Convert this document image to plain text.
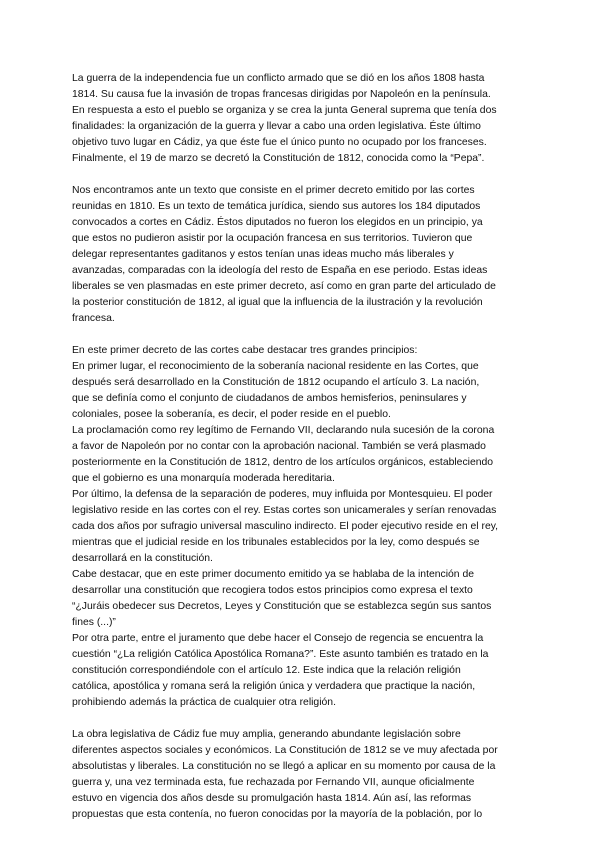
La guerra de la independencia fue un conflicto armado que se dió en los años 1808 hasta
1814. Su causa fue la invasión de tropas francesas dirigidas por Napoleón en la península.
En respuesta a esto el pueblo se organiza y se crea la junta General suprema que tenía dos
finalidades: la organización de la guerra y llevar a cabo una orden legislativa. Éste último
objetivo tuvo lugar en Cádiz, ya que éste fue el único punto no ocupado por los franceses.
Finalmente, el 19 de marzo se decretó la Constitución de 1812, conocida como la “Pepa”.

Nos encontramos ante un texto que consiste en el primer decreto emitido por las cortes
reunidas en 1810. Es un texto de temática jurídica, siendo sus autores los 184 diputados
convocados a cortes en Cádiz. Éstos diputados no fueron los elegidos en un principio, ya
que estos no pudieron asistir por la ocupación francesa en sus territorios. Tuvieron que
delegar representantes gaditanos y estos tenían unas ideas mucho más liberales y
avanzadas, comparadas con la ideología del resto de España en ese periodo. Estas ideas
liberales se ven plasmadas en este primer decreto, así como en gran parte del articulado de
la posterior constitución de 1812, al igual que la influencia de la ilustración y la revolución
francesa.

En este primer decreto de las cortes cabe destacar tres grandes principios:
En primer lugar, el reconocimiento de la soberanía nacional residente en las Cortes, que
después será desarrollado en la Constitución de 1812 ocupando el artículo 3. La nación,
que se definía como el conjunto de ciudadanos de ambos hemisferios, peninsulares y
coloniales, posee la soberanía, es decir, el poder reside en el pueblo.
La proclamación como rey legítimo de Fernando VII, declarando nula sucesión de la corona
a favor de Napoleón por no contar con la aprobación nacional. También se verá plasmado
posteriormente en la Constitución de 1812, dentro de los artículos orgánicos, estableciendo
que el gobierno es una monarquía moderada hereditaria.
Por último, la defensa de la separación de poderes, muy influida por Montesquieu. El poder
legislativo reside en las cortes con el rey. Estas cortes son unicamerales y serían renovadas
cada dos años por sufragio universal masculino indirecto. El poder ejecutivo reside en el rey,
mientras que el judicial reside en los tribunales establecidos por la ley, como después se
desarrollará en la constitución.
Cabe destacar, que en este primer documento emitido ya se hablaba de la intención de
desarrollar una constitución que recogiera todos estos principios como expresa el texto
“¿Juráis obedecer sus Decretos, Leyes y Constitución que se establezca según sus santos
fines (...)”
Por otra parte, entre el juramento que debe hacer el Consejo de regencia se encuentra la
cuestión “¿La religión Católica Apostólica Romana?”. Este asunto también es tratado en la
constitución correspondiéndole con el artículo 12. Este indica que la relación religión
católica, apostólica y romana será la religión única y verdadera que practique la nación,
prohibiendo además la práctica de cualquier otra religión.

La obra legislativa de Cádiz fue muy amplia, generando abundante legislación sobre
diferentes aspectos sociales y económicos. La Constitución de 1812 se ve muy afectada por
absolutistas y liberales. La constitución no se llegó a aplicar en su momento por causa de la
guerra y, una vez terminada esta, fue rechazada por Fernando VII, aunque oficialmente
estuvo en vigencia dos años desde su promulgación hasta 1814. Aún así, las reformas
propuestas que esta contenía, no fueron conocidas por la mayoría de la población, por lo
